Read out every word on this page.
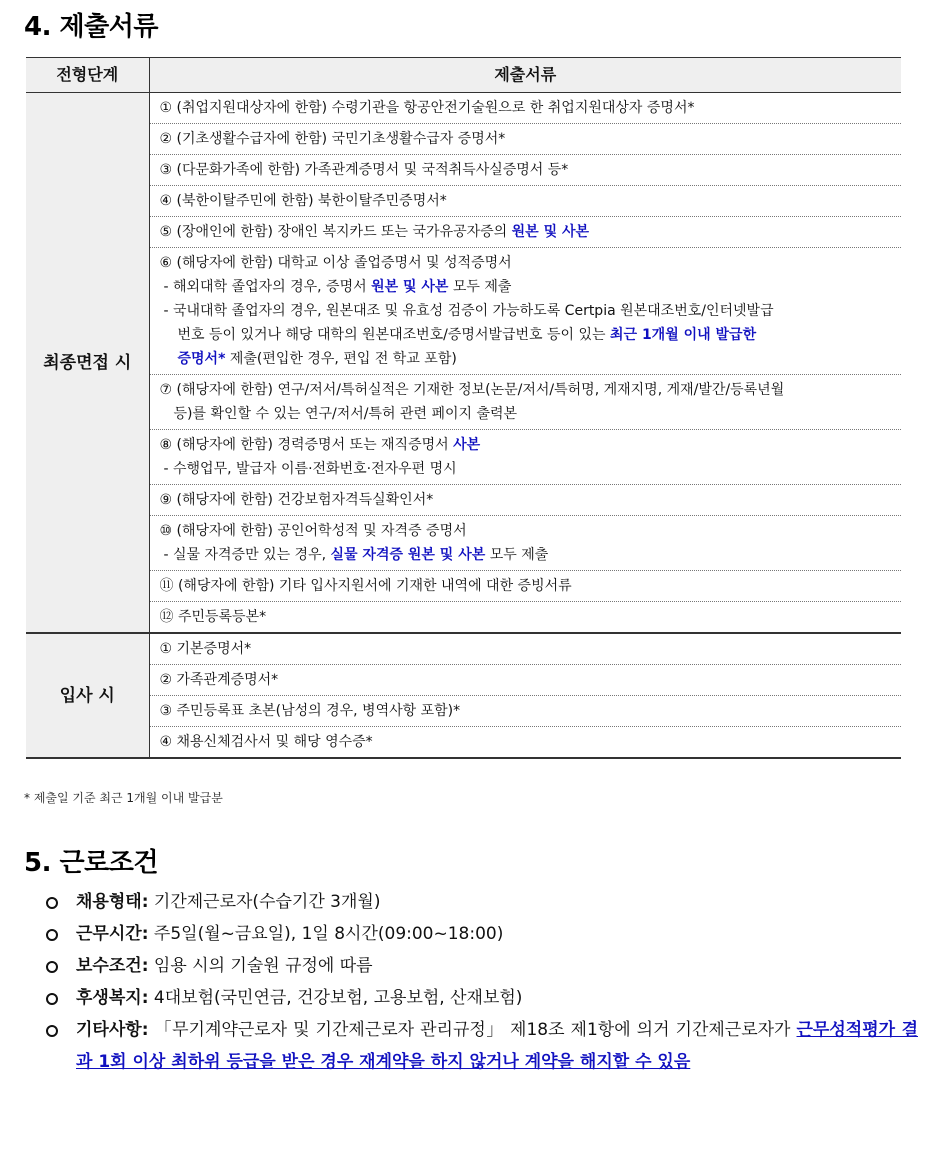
4. 제출서류
전형단계	제출서류
최종면접 시	① (취업지원대상자에 한함) 수령기관을 항공안전기술원으로 한 취업지원대상자 증명서*
	② (기초생활수급자에 한함) 국민기초생활수급자 증명서*
	③ (다문화가족에 한함) 가족관계증명서 및 국적취득사실증명서 등*
	④ (북한이탈주민에 한함) 북한이탈주민증명서*
	⑤ (장애인에 한함) 장애인 복지카드 또는 국가유공자증의 원본 및 사본

	⑥ (해당자에 한함) 대학교 이상 졸업증명서 및 성적증명서
- 해외대학 졸업자의 경우, 증명서 원본 및 사본 모두 제출
- 국내대학 졸업자의 경우, 원본대조 및 유효성 검증이 가능하도록 Certpia 원본대조번호/인터넷발급
번호 등이 있거나 해당 대학의 원본대조번호/증명서발급번호 등이 있는 최근 1개월 이내 발급한 증명서* 제출(편입한 경우, 편입 전 학교 포함)

	⑦ (해당자에 한함) 연구/저서/특허실적은 기재한 정보(논문/저서/특허명, 게재지명, 게재/발간/등록년월
등)를 확인할 수 있는 연구/저서/특허 관련 페이지 출력본

	⑧ (해당자에 한함) 경력증명서 또는 재직증명서 사본
- 수행업무, 발급자 이름·전화번호·전자우편 명시

	⑨ (해당자에 한함) 건강보험자격득실확인서*

	⑩ (해당자에 한함) 공인어학성적 및 자격증 증명서
- 실물 자격증만 있는 경우, 실물 자격증 원본 및 사본 모두 제출

	⑪ (해당자에 한함) 기타 입사지원서에 기재한 내역에 대한 증빙서류
	⑫ 주민등록등본*
입사 시	① 기본증명서*
	② 가족관계증명서*
	③ 주민등록표 초본(남성의 경우, 병역사항 포함)*
	④ 채용신체검사서 및 해당 영수증*
* 제출일 기준 최근 1개월 이내 발급분
5. 근로조건
채용형태: 기간제근로자(수습기간 3개월)
근무시간: 주5일(월~금요일), 1일 8시간(09:00~18:00)
보수조건: 임용 시의 기술원 규정에 따름
후생복지: 4대보험(국민연금, 건강보험, 고용보험, 산재보험)
기타사항: 「무기계약근로자 및 기간제근로자 관리규정」 제18조 제1항에 의거 기간제근로자가 근무성적평가 결과 1회 이상 최하위 등급을 받은 경우 재계약을 하지 않거나 계약을 해지할 수 있음
